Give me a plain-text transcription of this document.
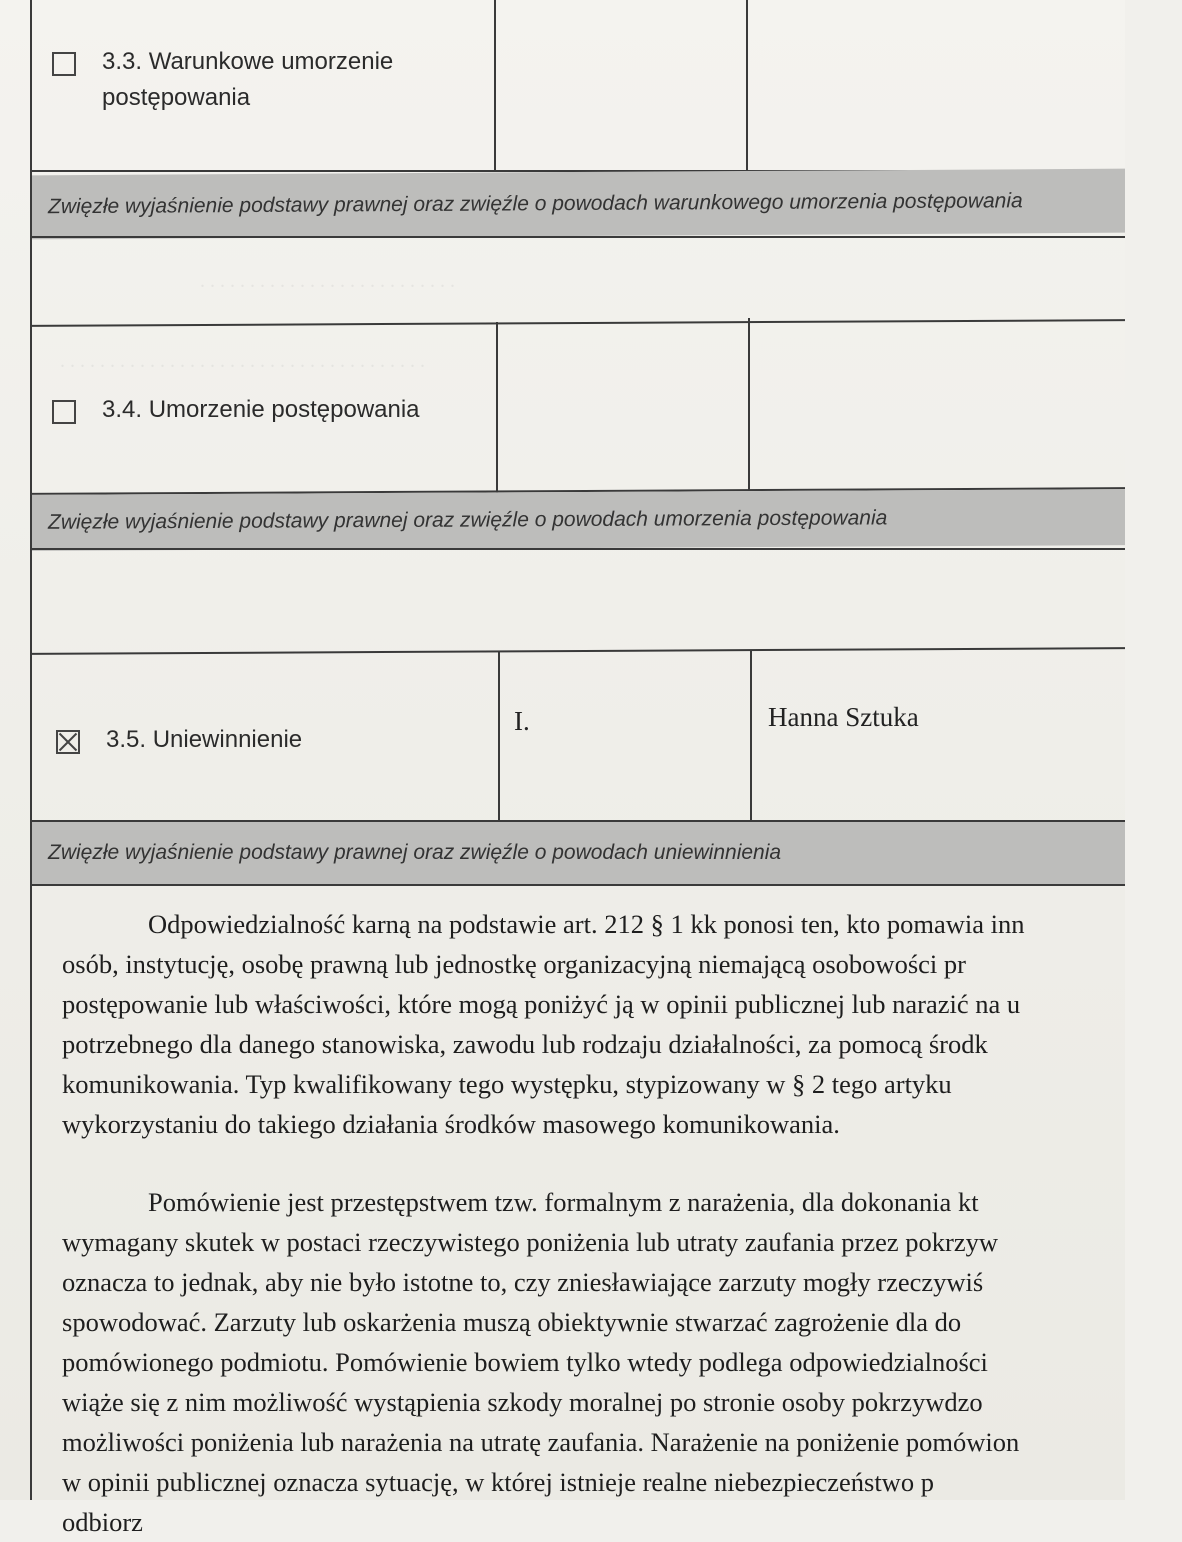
. . . . . . . . . . . . . . . . . . . . . . . . . .
. . . . . . . . . . . . . . . . . . . . . . . . . . . . . . . . . . . . .
3.3. Warunkowe umorzenie
postępowania
Zwięzłe wyjaśnienie podstawy prawnej oraz zwięźle o powodach warunkowego umorzenia postępowania
3.4. Umorzenie postępowania
Zwięzłe wyjaśnienie podstawy prawnej oraz zwięźle o powodach umorzenia postępowania
3.5. Uniewinnienie
I.	Hanna Sztuka
Zwięzłe wyjaśnienie podstawy prawnej oraz zwięźle o powodach uniewinnienia
Odpowiedzialność karną na podstawie art. 212 § 1 kk ponosi ten, kto pomawia inn
osób, instytucję, osobę prawną lub jednostkę organizacyjną niemającą osobowości pr
postępowanie lub właściwości, które mogą poniżyć ją w opinii publicznej lub narazić na u
potrzebnego dla danego stanowiska, zawodu lub rodzaju działalności, za pomocą środk
komunikowania. Typ kwalifikowany tego występku, stypizowany w § 2 tego artyku
wykorzystaniu do takiego działania środków masowego komunikowania.
Pomówienie jest przestępstwem tzw. formalnym z narażenia, dla dokonania kt
wymagany skutek w postaci rzeczywistego poniżenia lub utraty zaufania przez pokrzyw
oznacza to jednak, aby nie było istotne to, czy zniesławiające zarzuty mogły rzeczywiś
spowodować. Zarzuty lub oskarżenia muszą obiektywnie stwarzać zagrożenie dla do
pomówionego podmiotu. Pomówienie bowiem tylko wtedy podlega odpowiedzialności
wiąże się z nim możliwość wystąpienia szkody moralnej po stronie osoby pokrzywdzo
możliwości poniżenia lub narażenia na utratę zaufania. Narażenie na poniżenie pomówion
w opinii publicznej oznacza sytuację, w której istnieje realne niebezpieczeństwo p
odbiorz
